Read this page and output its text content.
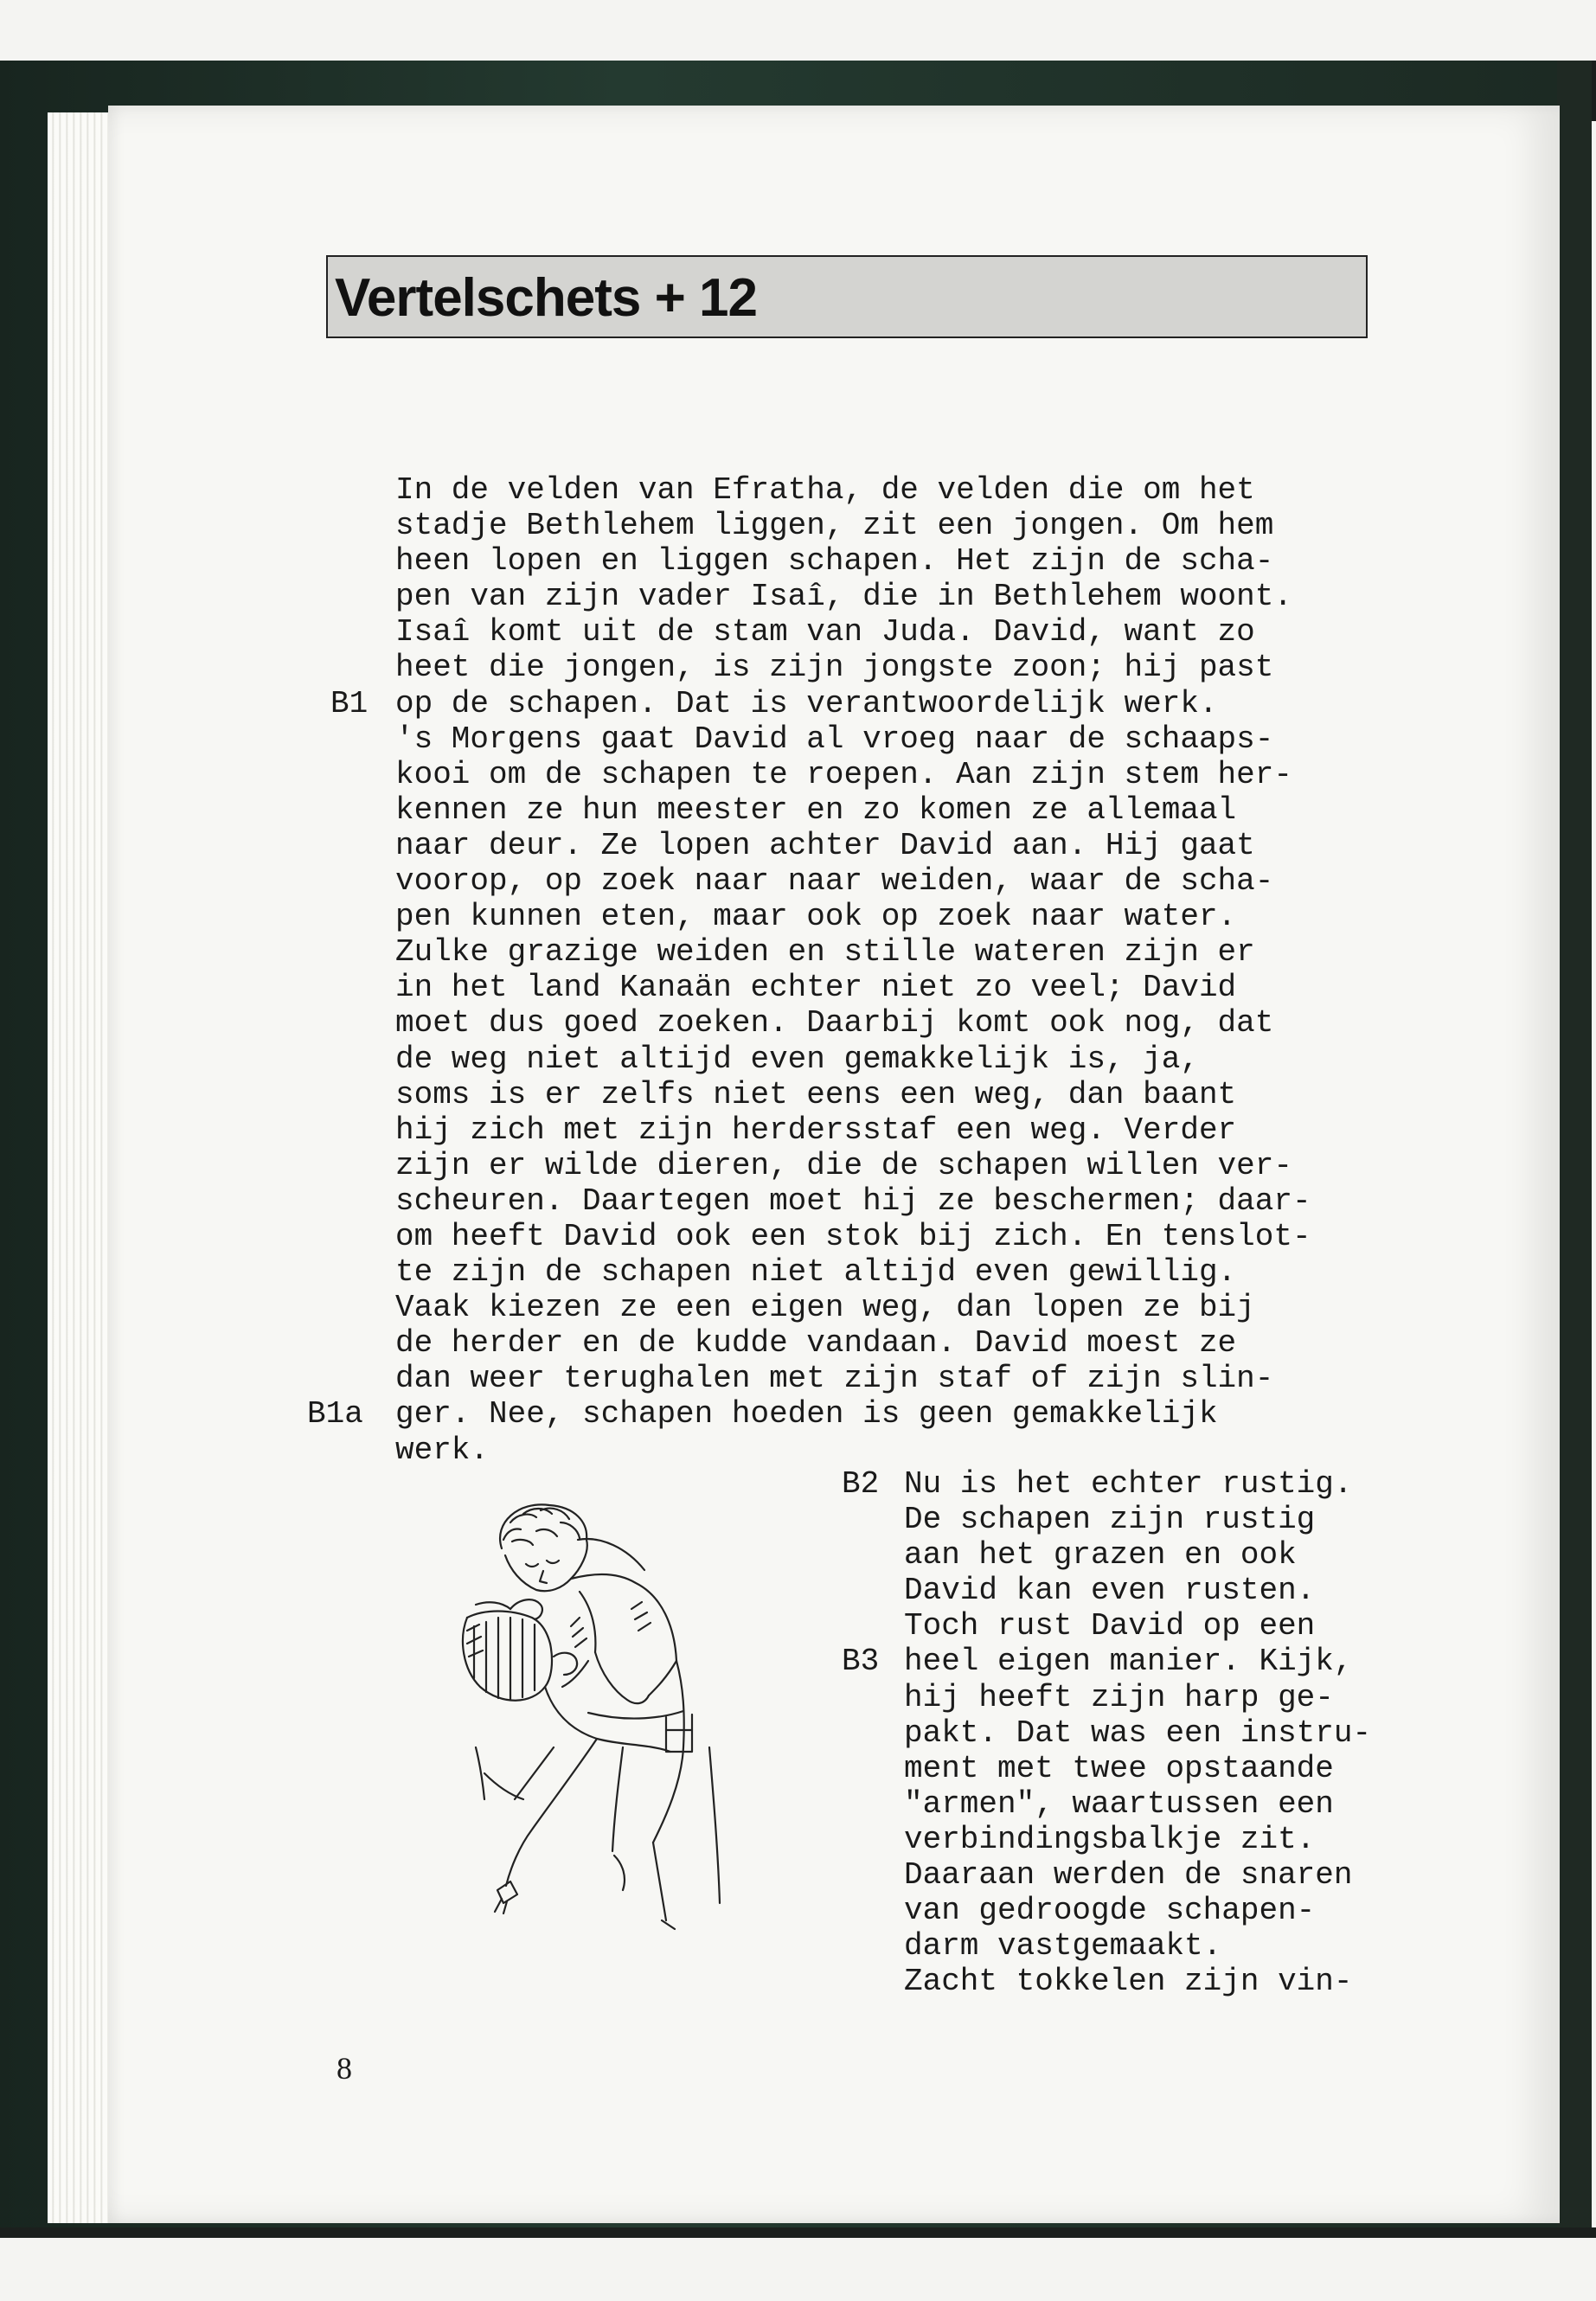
Vertelschets + 12
In de velden van Efratha, de velden die om het
stadje Bethlehem liggen, zit een jongen. Om hem
heen lopen en liggen schapen. Het zijn de scha-
pen van zijn vader Isaî, die in Bethlehem woont.
Isaî komt uit de stam van Juda. David, want zo
heet die jongen, is zijn jongste zoon; hij past
op de schapen. Dat is verantwoordelijk werk.
's Morgens gaat David al vroeg naar de schaaps-
kooi om de schapen te roepen. Aan zijn stem her-
kennen ze hun meester en zo komen ze allemaal
naar deur. Ze lopen achter David aan. Hij gaat
voorop, op zoek naar naar weiden, waar de scha-
pen kunnen eten, maar ook op zoek naar water.
Zulke grazige weiden en stille wateren zijn er
in het land Kanaän echter niet zo veel; David
moet dus goed zoeken. Daarbij komt ook nog, dat
de weg niet altijd even gemakkelijk is, ja,
soms is er zelfs niet eens een weg, dan baant
hij zich met zijn herdersstaf een weg. Verder
zijn er wilde dieren, die de schapen willen ver-
scheuren. Daartegen moet hij ze beschermen; daar-
om heeft David ook een stok bij zich. En tenslot-
te zijn de schapen niet altijd even gewillig.
Vaak kiezen ze een eigen weg, dan lopen ze bij
de herder en de kudde vandaan. David moest ze
dan weer terughalen met zijn staf of zijn slin-
ger. Nee, schapen hoeden is geen gemakkelijk
werk.
B1
B1a
B2
B3
Nu is het echter rustig.
De schapen zijn rustig
aan het grazen en ook
David kan even rusten.
Toch rust David op een
heel eigen manier. Kijk,
hij heeft zijn harp ge-
pakt. Dat was een instru-
ment met twee opstaande
"armen", waartussen een
verbindingsbalkje zit.
Daaraan werden de snaren
van gedroogde schapen-
darm vastgemaakt.
Zacht tokkelen zijn vin-
8
